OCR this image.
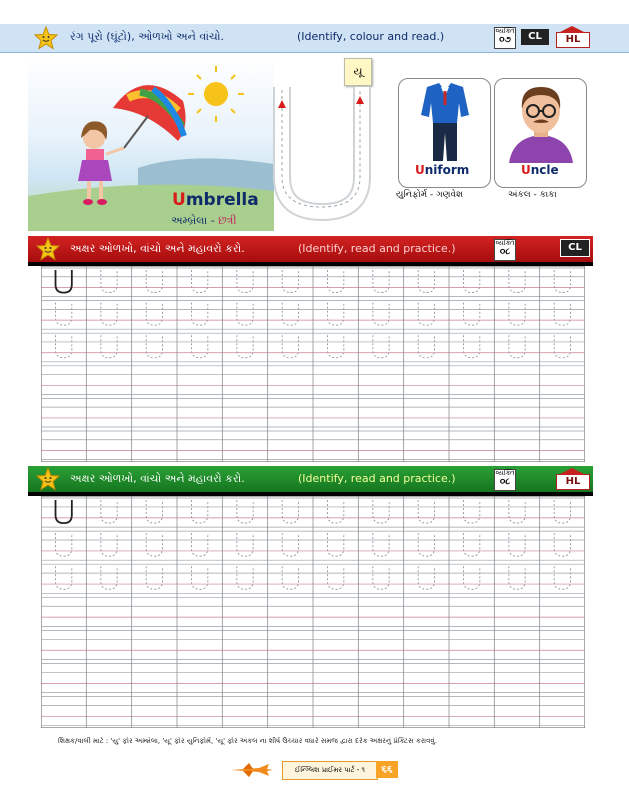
રંગ પૂરો (ઘૂંટો), ઓળખો અને વાંચો.	(Identify, colour and read.)	વ્યક્તિ
૦૭	CL	HL
Umbrella
અમ્બ્રેલા - છત્રી
યૂ
Uniform
યુનિફોર્મ - ગણવેશ
Uncle
અંકલ - કાકા
અક્ષર ઓળખો, વાંચો અને મહાવરો કરો.	(Identify, read and practice.)	વ્યક્તિ
૦૮	CL
અક્ષર ઓળખો, વાંચો અને મહાવરો કરો.	(Identify, read and practice.)	વ્યક્તિ
૦૮	HL
શિક્ષક/વાલી માટે : 'યુ' ફોર અમ્બ્રેલા, 'યૂ' ફોર યુનિફોર્મ, 'યૂ' ફોર અંકલ ના શીર્ષ ઉચ્ચાર વધારે સમજ દ્વારા દરેક અક્ષરનું પ્રેક્ટિસ કરાવવું.
ઈન્ગ્લિશ પ્રાઈમર પાર્ટ - ૧	૬૬
